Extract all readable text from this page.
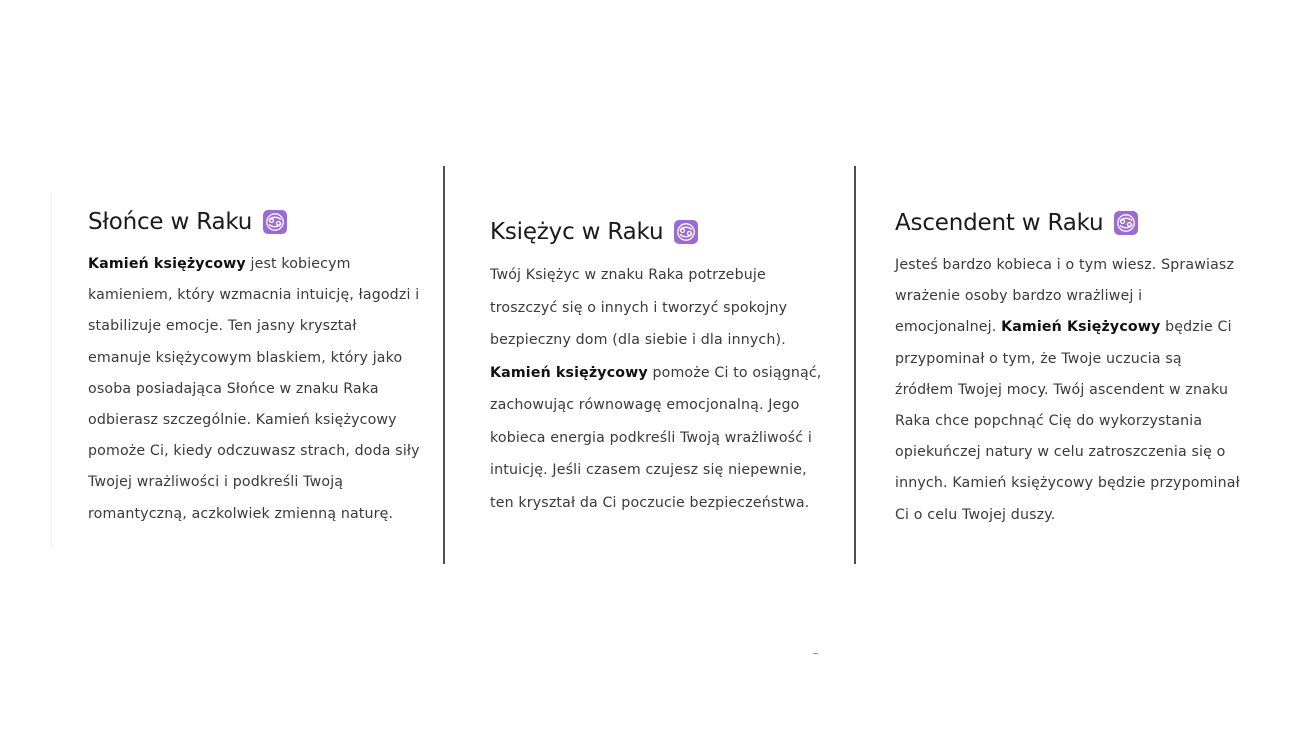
Słońce w Raku

Kamień księżycowy jest kobiecym kamieniem, który wzmacnia intuicję, łagodzi i stabilizuje emocje. Ten jasny kryształ emanuje księżycowym blaskiem, który jako osoba posiadająca Słońce w znaku Raka odbierasz szczególnie. Kamień księżycowy pomoże Ci, kiedy odczuwasz strach, doda siły Twojej wrażliwości i podkreśli Twoją romantyczną, aczkolwiek zmienną naturę.

Księżyc w Raku

Twój Księżyc w znaku Raka potrzebuje troszczyć się o innych i tworzyć spokojny bezpieczny dom (dla siebie i dla innych). Kamień księżycowy pomoże Ci to osiągnąć, zachowując równowagę emocjonalną. Jego kobieca energia podkreśli Twoją wrażliwość i intuicję. Jeśli czasem czujesz się niepewnie, ten kryształ da Ci poczucie bezpieczeństwa.

Ascendent w Raku

Jesteś bardzo kobieca i o tym wiesz. Sprawiasz wrażenie osoby bardzo wrażliwej i emocjonalnej. Kamień Księżycowy będzie Ci przypominał o tym, że Twoje uczucia są źródłem Twojej mocy. Twój ascendent w znaku Raka chce popchnąć Cię do wykorzystania opiekuńczej natury w celu zatroszczenia się o innych. Kamień księżycowy będzie przypominał Ci o celu Twojej duszy.
